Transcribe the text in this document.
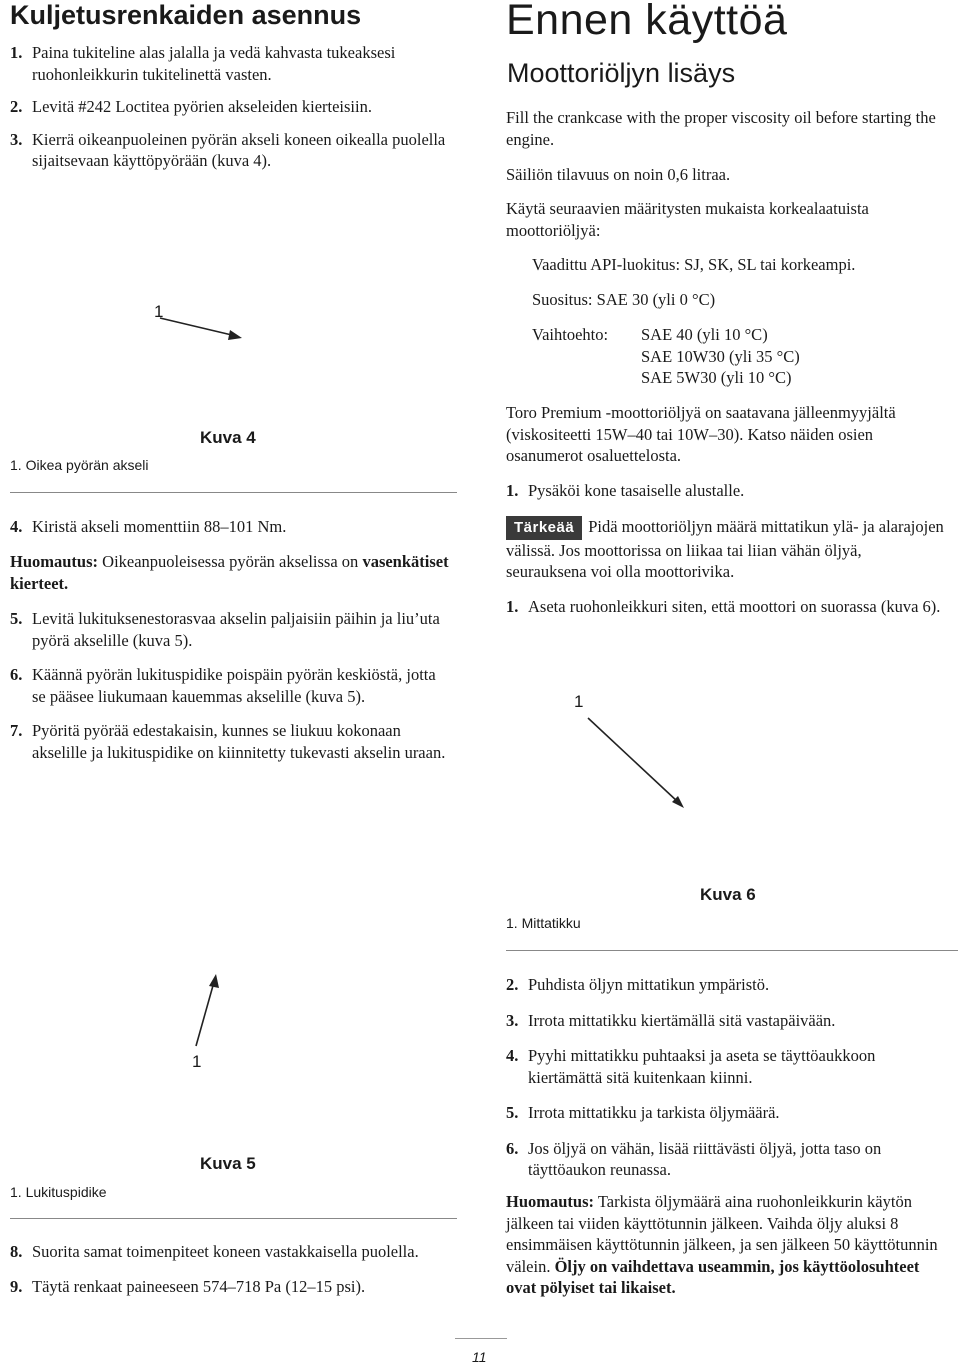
Kuljetusrenkaiden asennus
1. Paina tukiteline alas jalalla ja vedä kahvasta tukeaksesi ruohonleikkurin tukitelinettä vasten.
2. Levitä #242 Loctitea pyörien akseleiden kierteisiin.
3. Kierrä oikeanpuoleinen pyörän akseli koneen oikealla puolella sijaitsevaan käyttöpyörään (kuva 4).
1
Kuva 4
1. Oikea pyörän akseli
4. Kiristä akseli momenttiin 88–101 Nm.
Huomautus: Oikeanpuoleisessa pyörän akselissa on vasenkätiset kierteet.
5. Levitä lukituksenestorasvaa akselin paljaisiin päihin ja liu’uta pyörä akselille (kuva 5).
6. Käännä pyörän lukituspidike poispäin pyörän keskiöstä, jotta se pääsee liukumaan kauemmas akselille (kuva 5).
7. Pyöritä pyörää edestakaisin, kunnes se liukuu kokonaan akselille ja lukituspidike on kiinnitetty tukevasti akselin uraan.
1
Kuva 5
1. Lukituspidike
8. Suorita samat toimenpiteet koneen vastakkaisella puolella.
9. Täytä renkaat paineeseen 574–718 Pa (12–15 psi).
Ennen käyttöä
Moottoriöljyn lisäys
Fill the crankcase with the proper viscosity oil before starting the engine.
Säiliön tilavuus on noin 0,6 litraa.
Käytä seuraavien määritysten mukaista korkealaatuista moottoriöljyä:
Vaadittu API-luokitus: SJ, SK, SL tai korkeampi.
Suositus: SAE 30 (yli 0 °C)
Vaihtoehto: SAE 40 (yli 10 °C)
SAE 10W30 (yli 35 °C)
SAE 5W30 (yli 10 °C)
Toro Premium -moottoriöljyä on saatavana jälleenmyyjältä (viskositeetti 15W–40 tai 10W–30). Katso näiden osien osanumerot osaluettelosta.
1. Pysäköi kone tasaiselle alustalle.
Tärkeää Pidä moottoriöljyn määrä mittatikun ylä- ja alarajojen välissä. Jos moottorissa on liikaa tai liian vähän öljyä, seurauksena voi olla moottorivika.
1. Aseta ruohonleikkuri siten, että moottori on suorassa (kuva 6).
1
Kuva 6
1. Mittatikku
2. Puhdista öljyn mittatikun ympäristö.
3. Irrota mittatikku kiertämällä sitä vastapäivään.
4. Pyyhi mittatikku puhtaaksi ja aseta se täyttöaukkoon kiertämättä sitä kuitenkaan kiinni.
5. Irrota mittatikku ja tarkista öljymäärä.
6. Jos öljyä on vähän, lisää riittävästi öljyä, jotta taso on täyttöaukon reunassa.
Huomautus: Tarkista öljymäärä aina ruohonleikkurin käytön jälkeen tai viiden käyttötunnin jälkeen. Vaihda öljy aluksi 8 ensimmäisen käyttötunnin jälkeen, ja sen jälkeen 50 käyttötunnin välein. Öljy on vaihdettava useammin, jos käyttöolosuhteet ovat pölyiset tai likaiset.
11
